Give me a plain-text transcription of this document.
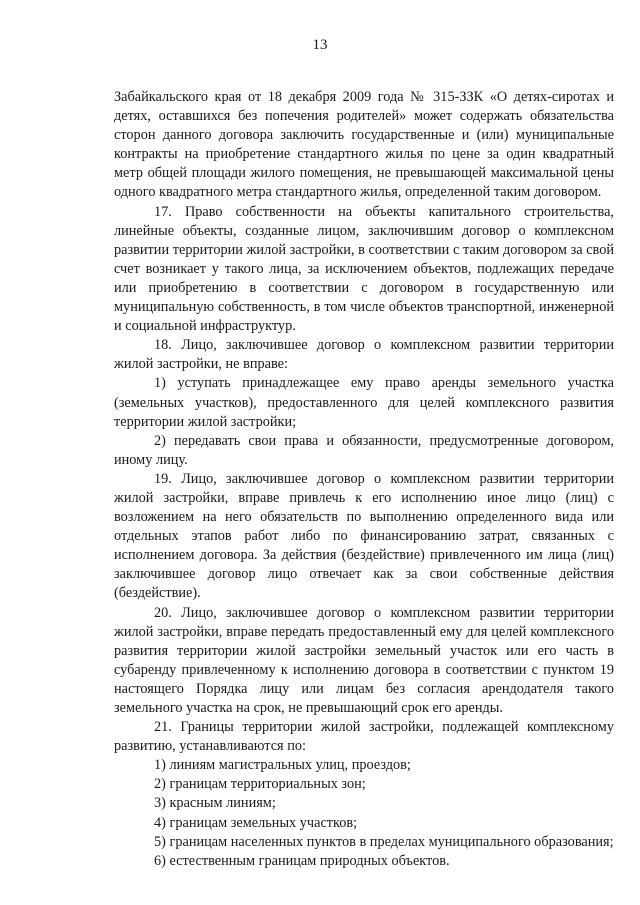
13

Забайкальского края от 18 декабря 2009 года № 315-ЗЗК «О детях-сиротах и детях, оставшихся без попечения родителей» может содержать обязательства сторон данного договора заключить государственные и (или) муниципальные контракты на приобретение стандартного жилья по цене за один квадратный метр общей площади жилого помещения, не превышающей максимальной цены одного квадратного метра стандартного жилья, определенной таким договором.

17. Право собственности на объекты капитального строительства, линейные объекты, созданные лицом, заключившим договор о комплексном развитии территории жилой застройки, в соответствии с таким договором за свой счет возникает у такого лица, за исключением объектов, подлежащих передаче или приобретению в соответствии с договором в государственную или муниципальную собственность, в том числе объектов транспортной, инженерной и социальной инфраструктур.

18. Лицо, заключившее договор о комплексном развитии территории жилой застройки, не вправе:

1) уступать принадлежащее ему право аренды земельного участка (земельных участков), предоставленного для целей комплексного развития территории жилой застройки;

2) передавать свои права и обязанности, предусмотренные договором, иному лицу.

19. Лицо, заключившее договор о комплексном развитии территории жилой застройки, вправе привлечь к его исполнению иное лицо (лиц) с возложением на него обязательств по выполнению определенного вида или отдельных этапов работ либо по финансированию затрат, связанных с исполнением договора. За действия (бездействие) привлеченного им лица (лиц) заключившее договор лицо отвечает как за свои собственные действия (бездействие).

20. Лицо, заключившее договор о комплексном развитии территории жилой застройки, вправе передать предоставленный ему для целей комплексного развития территории жилой застройки земельный участок или его часть в субаренду привлеченному к исполнению договора в соответствии с пунктом 19 настоящего Порядка лицу или лицам без согласия арендодателя такого земельного участка на срок, не превышающий срок его аренды.

21. Границы территории жилой застройки, подлежащей комплексному развитию, устанавливаются по:

1) линиям магистральных улиц, проездов;

2) границам территориальных зон;

3) красным линиям;

4) границам земельных участков;

5) границам населенных пунктов в пределах муниципального образования;

6) естественным границам природных объектов.
